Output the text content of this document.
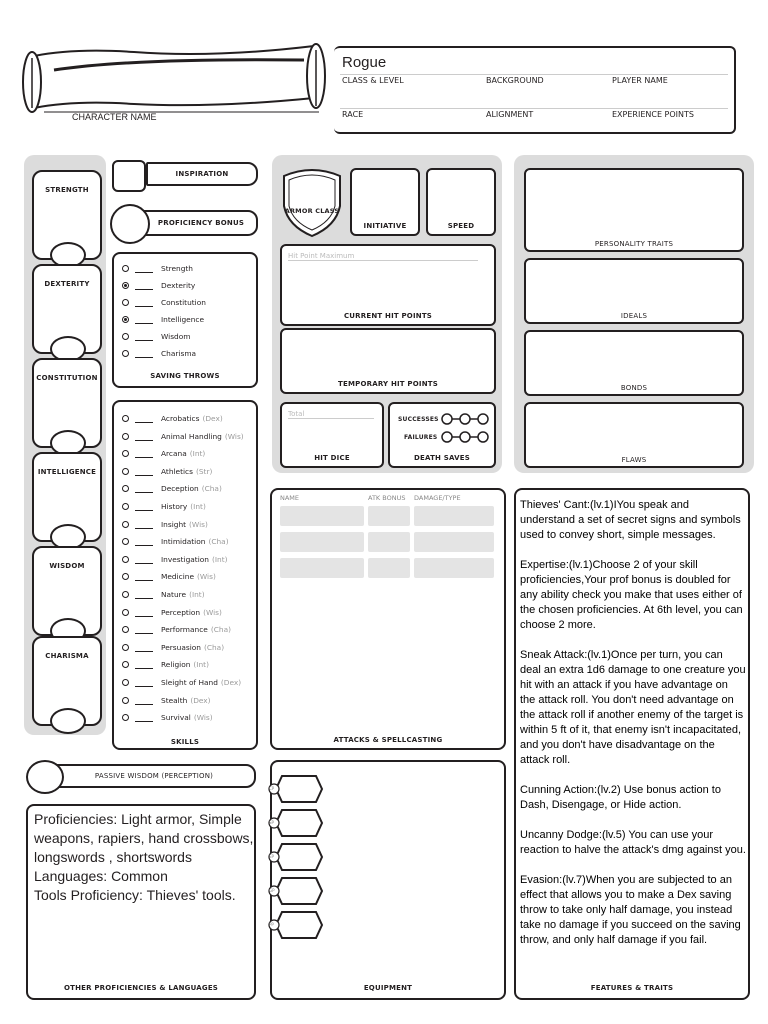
CHARACTER NAME
Rogue
CLASS & LEVEL	BACKGROUND	PLAYER NAME
RACE	ALIGNMENT	EXPERIENCE POINTS
STRENGTH
DEXTERITY
CONSTITUTION
INTELLIGENCE
WISDOM
CHARISMA
INSPIRATION
PROFICIENCY BONUS
Strength
Dexterity
Constitution
Intelligence
Wisdom
Charisma
SAVING THROWS
Acrobatics (Dex)
Animal Handling (Wis)
Arcana (Int)
Athletics (Str)
Deception (Cha)
History (Int)
Insight (Wis)
Intimidation (Cha)
Investigation (Int)
Medicine (Wis)
Nature (Int)
Perception (Wis)
Performance (Cha)
Persuasion (Cha)
Religion (Int)
Sleight of Hand (Dex)
Stealth (Dex)
Survival (Wis)
SKILLS
PASSIVE WISDOM (PERCEPTION)
Proficiencies: Light armor, Simple
weapons, rapiers, hand crossbows,
longswords , shortswords
Languages: Common
Tools Proficiency: Thieves' tools.
OTHER PROFICIENCIES & LANGUAGES
ARMOR CLASS
INITIATIVE	SPEED
Hit Point Maximum
CURRENT HIT POINTS
TEMPORARY HIT POINTS
Total
HIT DICE
SUCCESSES
FAILURES
DEATH SAVES
NAME	ATK BONUS DAMAGE/TYPE
ATTACKS & SPELLCASTING
CP
SP
EP
GP
PP
EQUIPMENT
PERSONALITY TRAITS
IDEALS
BONDS
FLAWS
Thieves' Cant:(lv.1)IYou speak and understand a set of secret signs and symbols used to convey short, simple messages.
Expertise:(lv.1)Choose 2 of your skill proficiencies,Your prof bonus is doubled for any ability check you make that uses either of the chosen proficiencies. At 6th level, you can choose 2 more.
Sneak Attack:(lv.1)Once per turn, you can deal an extra 1d6 damage to one creature you hit with an attack if you have advantage on the attack roll. You don't need advantage on the attack roll if another enemy of the target is within 5 ft of it, that enemy isn't incapacitated, and you don't have disadvantage on the attack roll.
Cunning Action:(lv.2) Use bonus action to Dash, Disengage, or Hide action.
Uncanny Dodge:(lv.5) You can use your reaction to halve the attack's dmg against you.
Evasion:(lv.7)When you are subjected to an effect that allows you to make a Dex saving throw to take only half damage, you instead take no damage if you succeed on the saving throw, and only half damage if you fail.
FEATURES & TRAITS
